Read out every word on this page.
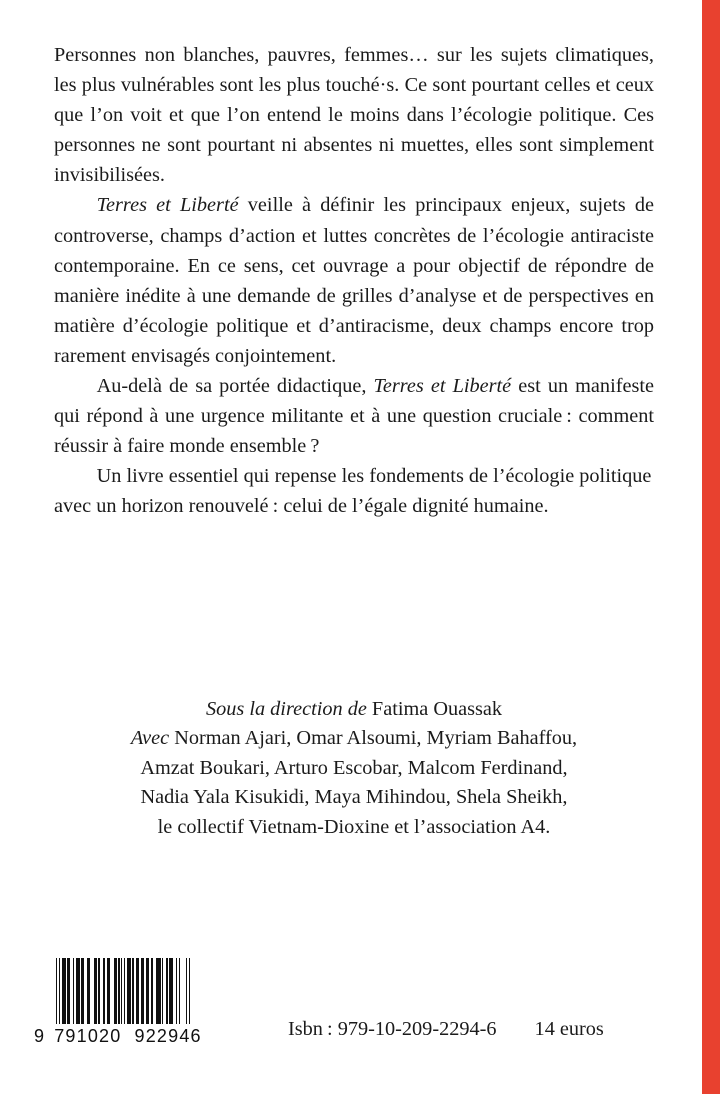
Personnes non blanches, pauvres, femmes… sur les sujets climatiques, les plus vulnérables sont les plus touché·s. Ce sont pourtant celles et ceux que l’on voit et que l’on entend le moins dans l’écologie politique. Ces personnes ne sont pourtant ni absentes ni muettes, elles sont simplement invisibilisées.

Terres et Liberté veille à définir les principaux enjeux, sujets de controverse, champs d’action et luttes concrètes de l’écologie antiraciste contemporaine. En ce sens, cet ouvrage a pour objectif de répondre de manière inédite à une demande de grilles d’analyse et de perspectives en matière d’écologie politique et d’antiracisme, deux champs encore trop rarement envisagés conjointement.

Au-delà de sa portée didactique, Terres et Liberté est un manifeste qui répond à une urgence militante et à une question cruciale : comment réussir à faire monde ensemble ?

Un livre essentiel qui repense les fondements de l’écologie politique avec un horizon renouvelé : celui de l’égale dignité humaine.

Sous la direction de Fatima Ouassak
Avec Norman Ajari, Omar Alsoumi, Myriam Bahaffou,
Amzat Boukari, Arturo Escobar, Malcom Ferdinand,
Nadia Yala Kisukidi, Maya Mihindou, Shela Sheikh,
le collectif Vietnam-Dioxine et l’association A4.
9 791020 922946	Isbn : 979-10-209-2294-6 14 euros
